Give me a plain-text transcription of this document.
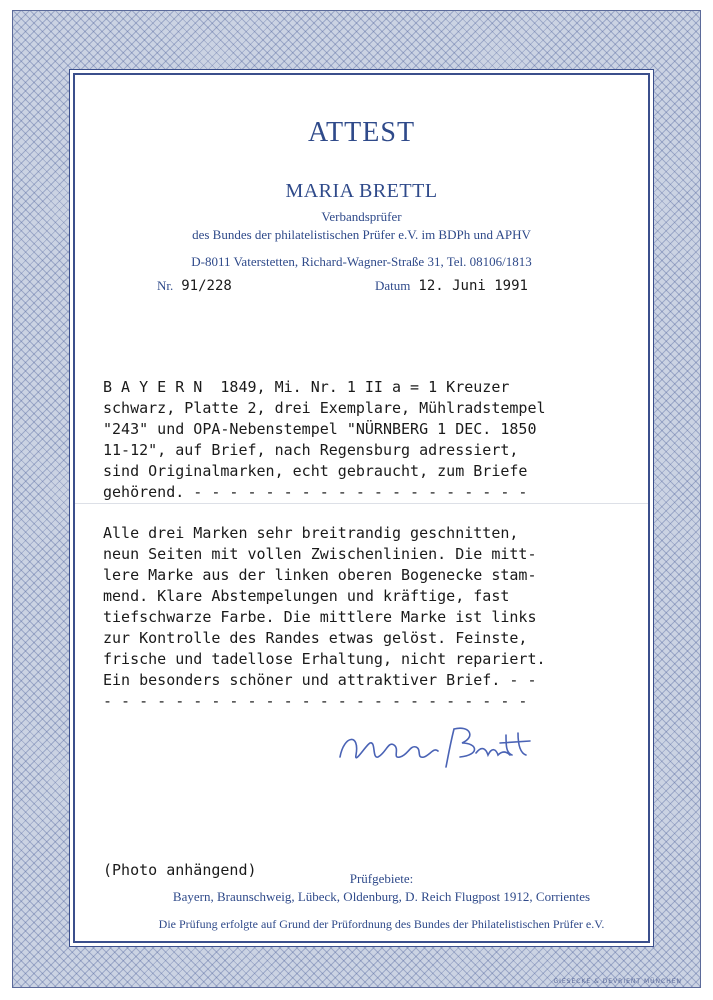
ATTEST
MARIA BRETTL
Verbandsprüfer
des Bundes der philatelistischen Prüfer e.V. im BDPh und APHV
D-8011 Vaterstetten, Richard-Wagner-Straße 31, Tel. 08106/1813
Nr. 91/228	Datum 12. Juni 1991
B A Y E R N  1849, Mi. Nr. 1 II a = 1 Kreuzer
schwarz, Platte 2, drei Exemplare, Mühlradstempel
"243" und OPA-Nebenstempel "NÜRNBERG 1 DEC. 1850
11-12", auf Brief, nach Regensburg adressiert,
sind Originalmarken, echt gebraucht, zum Briefe
gehörend. - - - - - - - - - - - - - - - - - - -
Alle drei Marken sehr breitrandig geschnitten,
neun Seiten mit vollen Zwischenlinien. Die mitt-
lere Marke aus der linken oberen Bogenecke stam-
mend. Klare Abstempelungen und kräftige, fast
tiefschwarze Farbe. Die mittlere Marke ist links
zur Kontrolle des Randes etwas gelöst. Feinste,
frische und tadellose Erhaltung, nicht repariert.
Ein besonders schöner und attraktiver Brief. - -
- - - - - - - - - - - - - - - - - - - - - - - -
(Photo anhängend)	Prüfgebiete:
Bayern, Braunschweig, Lübeck, Oldenburg, D. Reich Flugpost 1912, Corrientes
Die Prüfung erfolgte auf Grund der Prüfordnung des Bundes der Philatelistischen Prüfer e.V.
GIESECKE & DEVRIENT MÜNCHEN
